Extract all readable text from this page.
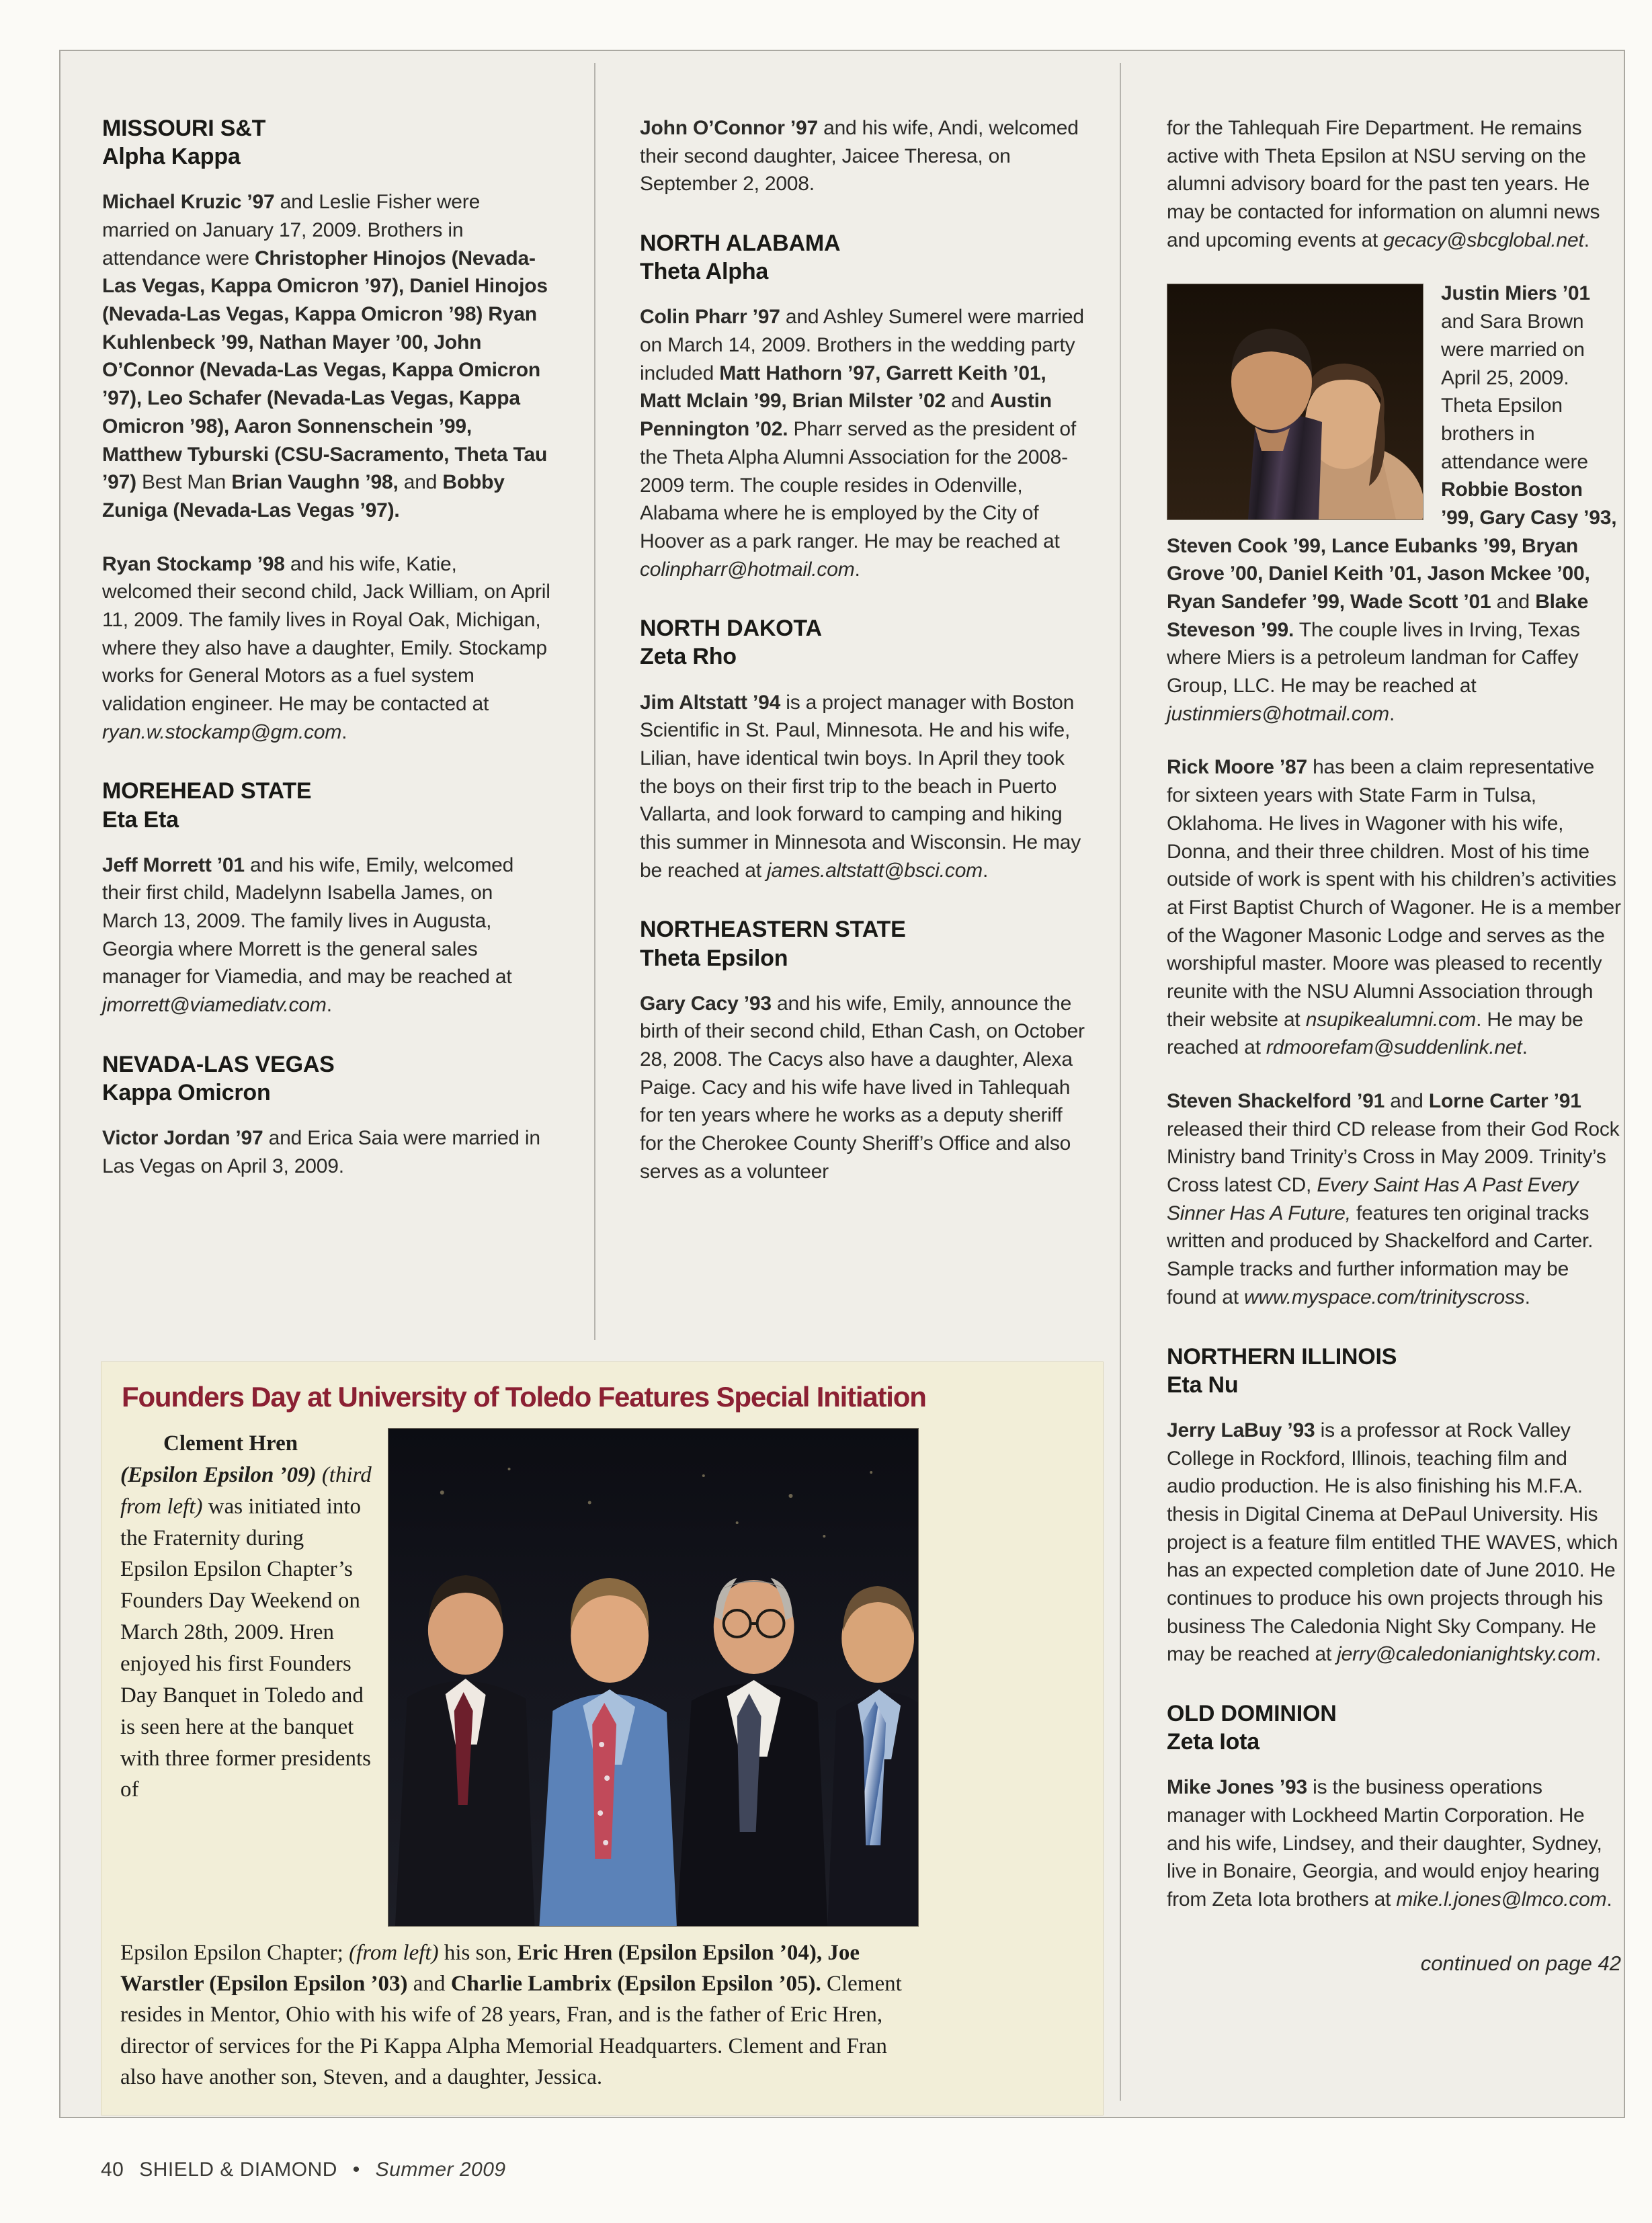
MISSOURI S&T
Alpha Kappa

Michael Kruzic ’97 and Leslie Fisher were married on January 17, 2009. Brothers in attendance were Christopher Hinojos (Nevada-Las Vegas, Kappa Omicron ’97), Daniel Hinojos (Nevada-Las Vegas, Kappa Omicron ’98) Ryan Kuhlenbeck ’99, Nathan Mayer ’00, John O’Connor (Nevada-Las Vegas, Kappa Omicron ’97), Leo Schafer (Nevada-Las Vegas, Kappa Omicron ’98), Aaron Sonnenschein ’99, Matthew Tyburski (CSU-Sacramento, Theta Tau ’97) Best Man Brian Vaughn ’98, and Bobby Zuniga (Nevada-Las Vegas ’97).

Ryan Stockamp ’98 and his wife, Katie, welcomed their second child, Jack William, on April 11, 2009. The family lives in Royal Oak, Michigan, where they also have a daughter, Emily. Stockamp works for General Motors as a fuel system validation engineer. He may be contacted at ryan.w.stockamp@gm.com.

MOREHEAD STATE
Eta Eta

Jeff Morrett ’01 and his wife, Emily, welcomed their first child, Madelynn Isabella James, on March 13, 2009. The family lives in Augusta, Georgia where Morrett is the general sales manager for Viamedia, and may be reached at jmorrett@viamediatv.com.

NEVADA-LAS VEGAS
Kappa Omicron

Victor Jordan ’97 and Erica Saia were married in Las Vegas on April 3, 2009.

John O’Connor ’97 and his wife, Andi, welcomed their second daughter, Jaicee Theresa, on September 2, 2008.

NORTH ALABAMA
Theta Alpha

Colin Pharr ’97 and Ashley Sumerel were married on March 14, 2009. Brothers in the wedding party included Matt Hathorn ’97, Garrett Keith ’01, Matt Mclain ’99, Brian Milster ’02 and Austin Pennington ’02. Pharr served as the president of the Theta Alpha Alumni Association for the 2008-2009 term. The couple resides in Odenville, Alabama where he is employed by the City of Hoover as a park ranger. He may be reached at colinpharr@hotmail.com.

NORTH DAKOTA
Zeta Rho

Jim Altstatt ’94 is a project manager with Boston Scientific in St. Paul, Minnesota. He and his wife, Lilian, have identical twin boys. In April they took the boys on their first trip to the beach in Puerto Vallarta, and look forward to camping and hiking this summer in Minnesota and Wisconsin. He may be reached at james.altstatt@bsci.com.

NORTHEASTERN STATE
Theta Epsilon

Gary Cacy ’93 and his wife, Emily, announce the birth of their second child, Ethan Cash, on October 28, 2008. The Cacys also have a daughter, Alexa Paige. Cacy and his wife have lived in Tahlequah for ten years where he works as a deputy sheriff for the Cherokee County Sheriff’s Office and also serves as a volunteer

for the Tahlequah Fire Department. He remains active with Theta Epsilon at NSU serving on the alumni advisory board for the past ten years. He may be contacted for information on alumni news and upcoming events at gecacy@sbcglobal.net.

Justin Miers ’01 and Sara Brown were married on April 25, 2009. Theta Epsilon brothers in attendance were Robbie Boston ’99, Gary Casy ’93, Steven Cook ’99, Lance Eubanks ’99, Bryan Grove ’00, Daniel Keith ’01, Jason Mckee ’00, Ryan Sandefer ’99, Wade Scott ’01 and Blake Steveson ’99. The couple lives in Irving, Texas where Miers is a petroleum landman for Caffey Group, LLC. He may be reached at justinmiers@hotmail.com.

Rick Moore ’87 has been a claim representative for sixteen years with State Farm in Tulsa, Oklahoma. He lives in Wagoner with his wife, Donna, and their three children. Most of his time outside of work is spent with his children’s activities at First Baptist Church of Wagoner. He is a member of the Wagoner Masonic Lodge and serves as the worshipful master. Moore was pleased to recently reunite with the NSU Alumni Association through their website at nsupikealumni.com. He may be reached at rdmoorefam@suddenlink.net.

Steven Shackelford ’91 and Lorne Carter ’91 released their third CD release from their God Rock Ministry band Trinity’s Cross in May 2009. Trinity’s Cross latest CD, Every Saint Has A Past Every Sinner Has A Future, features ten original tracks written and produced by Shackelford and Carter. Sample tracks and further information may be found at www.myspace.com/trinityscross.

NORTHERN ILLINOIS
Eta Nu

Jerry LaBuy ’93 is a professor at Rock Valley College in Rockford, Illinois, teaching film and audio production. He is also finishing his M.F.A. thesis in Digital Cinema at DePaul University. His project is a feature film entitled THE WAVES, which has an expected completion date of June 2010. He continues to produce his own projects through his business The Caledonia Night Sky Company. He may be reached at jerry@caledonianightsky.com.

OLD DOMINION
Zeta Iota

Mike Jones ’93 is the business operations manager with Lockheed Martin Corporation. He and his wife, Lindsey, and their daughter, Sydney, live in Bonaire, Georgia, and would enjoy hearing from Zeta Iota brothers at mike.l.jones@lmco.com.

continued on page 42
Founders Day at University of Toledo Features Special Initiation
Clement Hren (Epsilon Epsilon ’09) (third from left) was initiated into the Fraternity during Epsilon Epsilon Chapter’s Founders Day Weekend on March 28th, 2009. Hren enjoyed his first Founders Day Banquet in Toledo and is seen here at the banquet with three former presidents of
Epsilon Epsilon Chapter; (from left) his son, Eric Hren (Epsilon Epsilon ’04), Joe Warstler (Epsilon Epsilon ’03) and Charlie Lambrix (Epsilon Epsilon ’05). Clement resides in Mentor, Ohio with his wife of 28 years, Fran, and is the father of Eric Hren, director of services for the Pi Kappa Alpha Memorial Headquarters. Clement and Fran also have another son, Steven, and a daughter, Jessica.
40 SHIELD & DIAMOND • Summer 2009
